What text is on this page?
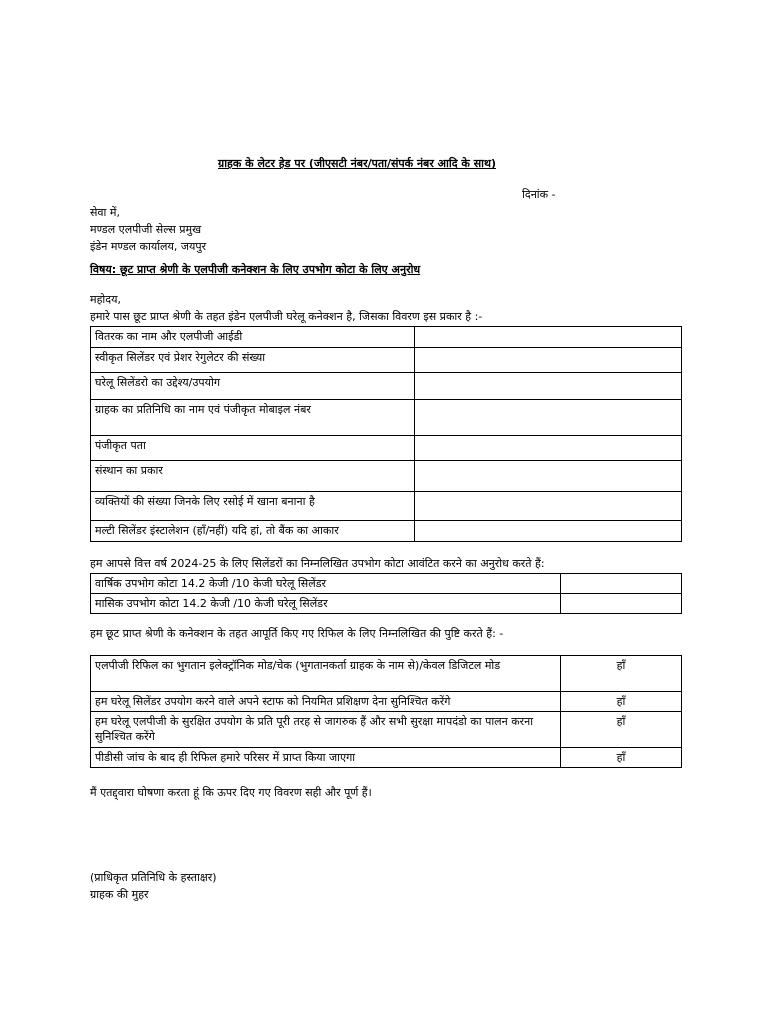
ग्राहक के लेटर हेड पर (जीएसटी नंबर/पता/संपर्क नंबर आदि के साथ)
दिनांक -
सेवा में,
मण्डल एलपीजी सेल्स प्रमुख
इंडेन मण्डल कार्यालय, जयपुर
विषय: छूट प्राप्त श्रेणी के एलपीजी कनेक्शन के लिए उपभोग कोटा के लिए अनुरोध
महोदय,
हमारे पास छूट प्राप्त श्रेणी के तहत इंडेन एलपीजी घरेलू कनेक्शन है, जिसका विवरण इस प्रकार है :-
वितरक का नाम और एलपीजी आईडी	
स्वीकृत सिलेंडर एवं प्रेशर रेगुलेटर की संख्या	
घरेलू सिलेंडरो का उद्देश्य/उपयोग	
ग्राहक का प्रतिनिधि का नाम एवं पंजीकृत मोबाइल नंबर	
पंजीकृत पता	
संस्थान का प्रकार	
व्यक्तियों की संख्या जिनके लिए रसोई में खाना बनाना है	
मल्टी सिलेंडर इंस्टालेशन (हाँ/नहीं) यदि हां, तो बैंक का आकार	
हम आपसे वित्त वर्ष 2024-25 के लिए सिलेंडरों का निम्नलिखित उपभोग कोटा आवंटित करने का अनुरोध करते हैं:
वार्षिक उपभोग कोटा 14.2 केजी /10 केजी घरेलू सिलेंडर	
मासिक उपभोग कोटा 14.2 केजी /10 केजी घरेलू सिलेंडर	
हम छूट प्राप्त श्रेणी के कनेक्शन के तहत आपूर्ति किए गए रिफिल के लिए निम्नलिखित की पुष्टि करते हैं: -
एलपीजी रिफिल का भुगतान इलेक्ट्रॉनिक मोड/चेक (भुगतानकर्ता ग्राहक के नाम से)/केवल डिजिटल मोड	हाँ
हम घरेलू सिलेंडर उपयोग करने वाले अपने स्टाफ को नियमित प्रशिक्षण देना सुनिश्चित करेंगे	हाँ
हम घरेलू एलपीजी के सुरक्षित उपयोग के प्रति पूरी तरह से जागरुक हैं और सभी सुरक्षा मापदंडो का पालन करना सुनिश्चित करेंगे	हाँ
पीडीसी जांच के बाद ही रिफिल हमारे परिसर में प्राप्त किया जाएगा	हाँ
मैं एतद्द्वारा घोषणा करता हूं कि ऊपर दिए गए विवरण सही और पूर्ण हैं।
(प्राधिकृत प्रतिनिधि के हस्ताक्षर)
ग्राहक की मुहर
